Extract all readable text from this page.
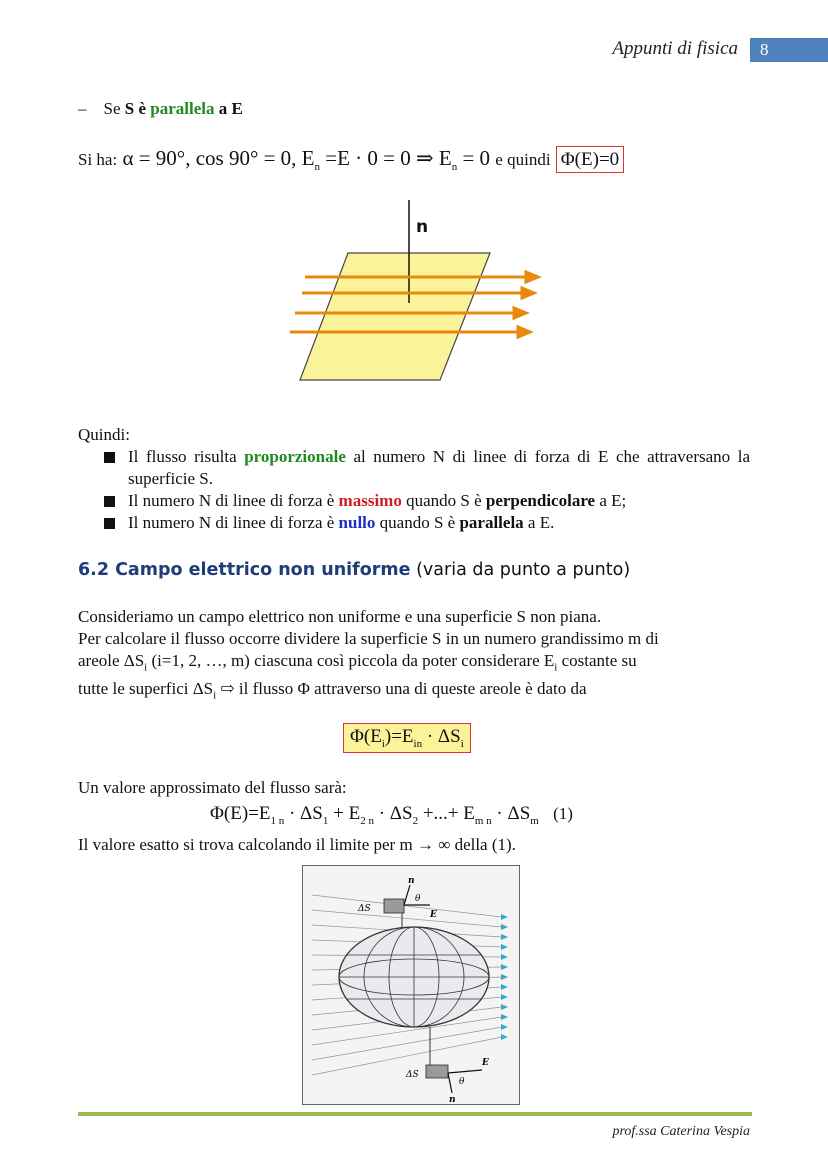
Appunti di fisica	8
– Se S è parallela a E
Si ha: α = 90°, cos 90° = 0, $E_n =E \cdot 0 = 0$ ⇒ $E_n = 0$ e quindi Φ(E)=0
n
Quindi:
Il flusso risulta proporzionale al numero N di linee di forza di E che attraversano la superficie S.
Il numero N di linee di forza è massimo quando S è perpendicolare a E;
Il numero N di linee di forza è nullo quando S è parallela a E.
6.2 Campo elettrico non uniforme (varia da punto a punto)
Consideriamo un campo elettrico non uniforme e una superficie S non piana.
Per calcolare il flusso occorre dividere la superficie S in un numero grandissimo m di
areole $\Delta S_i$ (i=1, 2, …, m) ciascuna così piccola da poter considerare $E_i$ costante su
tutte le superfici $\Delta S_i$ ⇨ il flusso Φ attraverso una di queste areole è dato da
$\Phi(E_i)=E_{in} \cdot \Delta S_i$
Un valore approssimato del flusso sarà:
$\Phi(E)=E_{1 n} \cdot \Delta S_1 + E_{2 n} \cdot \Delta S_2$ +...+ $E_{m n} \cdot \Delta S_m$ (1)
Il valore esatto si trova calcolando il limite per m → ∞ della (1).
n
θ
E
ΔS
ΔS
E
θ
n
prof.ssa Caterina Vespia
